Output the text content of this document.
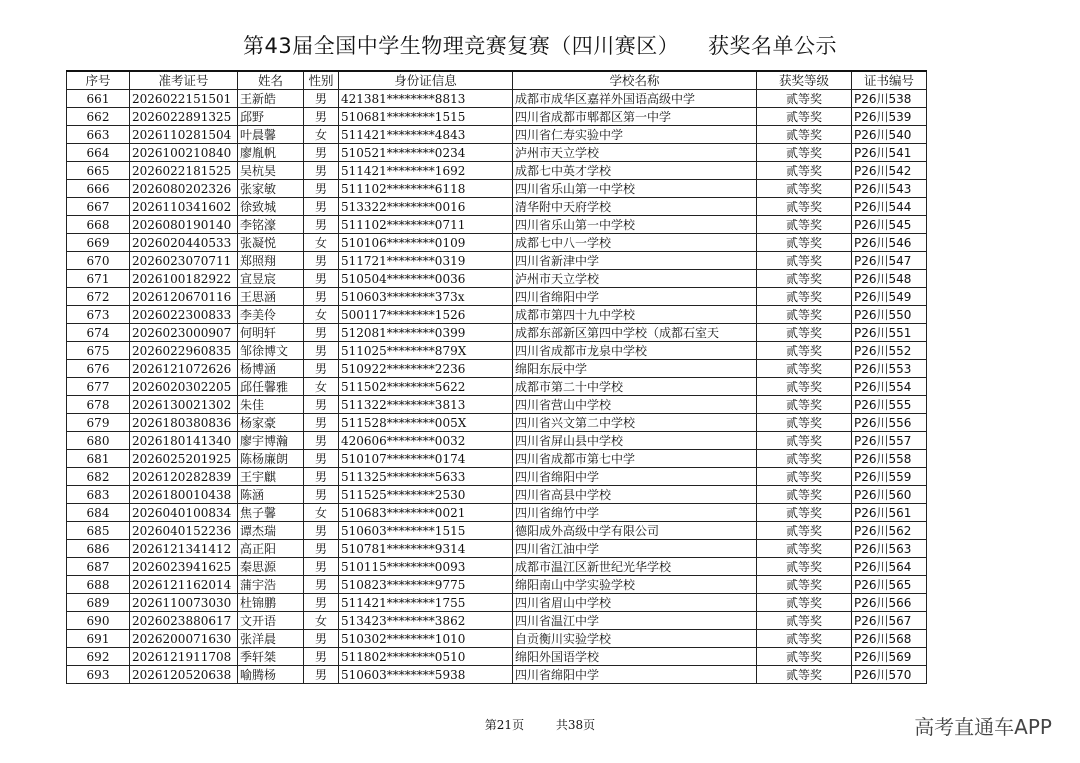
第43届全国中学生物理竞赛复赛（四川赛区）    获奖名单公示
序号	准考证号	姓名	性别	身份证信息	学校名称	获奖等级	证书编号
661	2026022151501	王新皓	男	421381********8813	成都市成华区嘉祥外国语高级中学	贰等奖	P26川538
662	2026022891325	邱野	男	510681********1515	四川省成都市郫都区第一中学	贰等奖	P26川539
663	2026110281504	叶晨馨	女	511421********4843	四川省仁寿实验中学	贰等奖	P26川540
664	2026100210840	廖胤帆	男	510521********0234	泸州市天立学校	贰等奖	P26川541
665	2026022181525	吴杭昊	男	511421********1692	成都七中英才学校	贰等奖	P26川542
666	2026080202326	张家敏	男	511102********6118	四川省乐山第一中学校	贰等奖	P26川543
667	2026110341602	徐致城	男	513322********0016	清华附中天府学校	贰等奖	P26川544
668	2026080190140	李铭濠	男	511102********0711	四川省乐山第一中学校	贰等奖	P26川545
669	2026020440533	张凝悦	女	510106********0109	成都七中八一学校	贰等奖	P26川546
670	2026023070711	郑照翔	男	511721********0319	四川省新津中学	贰等奖	P26川547
671	2026100182922	宣昱宸	男	510504********0036	泸州市天立学校	贰等奖	P26川548
672	2026120670116	王思涵	男	510603********373x	四川省绵阳中学	贰等奖	P26川549
673	2026022300833	李美伶	女	500117********1526	成都市第四十九中学校	贰等奖	P26川550
674	2026023000907	何明轩	男	512081********0399	成都东部新区第四中学校（成都石室天	贰等奖	P26川551
675	2026022960835	邹徐博文	男	511025********879X	四川省成都市龙泉中学校	贰等奖	P26川552
676	2026121072626	杨博涵	男	510922********2236	绵阳东辰中学	贰等奖	P26川553
677	2026020302205	邱任馨雅	女	511502********5622	成都市第二十中学校	贰等奖	P26川554
678	2026130021302	朱佳	男	511322********3813	四川省营山中学校	贰等奖	P26川555
679	2026180380836	杨家豪	男	511528********005X	四川省兴文第二中学校	贰等奖	P26川556
680	2026180141340	廖宇博瀚	男	420606********0032	四川省屏山县中学校	贰等奖	P26川557
681	2026025201925	陈杨廉朗	男	510107********0174	四川省成都市第七中学	贰等奖	P26川558
682	2026120282839	王宇麒	男	511325********5633	四川省绵阳中学	贰等奖	P26川559
683	2026180010438	陈涵	男	511525********2530	四川省高县中学校	贰等奖	P26川560
684	2026040100834	焦子馨	女	510683********0021	四川省绵竹中学	贰等奖	P26川561
685	2026040152236	谭杰瑞	男	510603********1515	德阳成外高级中学有限公司	贰等奖	P26川562
686	2026121341412	高正阳	男	510781********9314	四川省江油中学	贰等奖	P26川563
687	2026023941625	秦思源	男	510115********0093	成都市温江区新世纪光华学校	贰等奖	P26川564
688	2026121162014	蒲宇浩	男	510823********9775	绵阳南山中学实验学校	贰等奖	P26川565
689	2026110073030	杜锦鹏	男	511421********1755	四川省眉山中学校	贰等奖	P26川566
690	2026023880617	文开语	女	513423********3862	四川省温江中学	贰等奖	P26川567
691	2026200071630	张洋晨	男	510302********1010	自贡衡川实验学校	贰等奖	P26川568
692	2026121911708	季轩桀	男	511802********0510	绵阳外国语学校	贰等奖	P26川569
693	2026120520638	喻腾杨	男	510603********5938	四川省绵阳中学	贰等奖	P26川570
第21页	共38页	高考直通车APP
